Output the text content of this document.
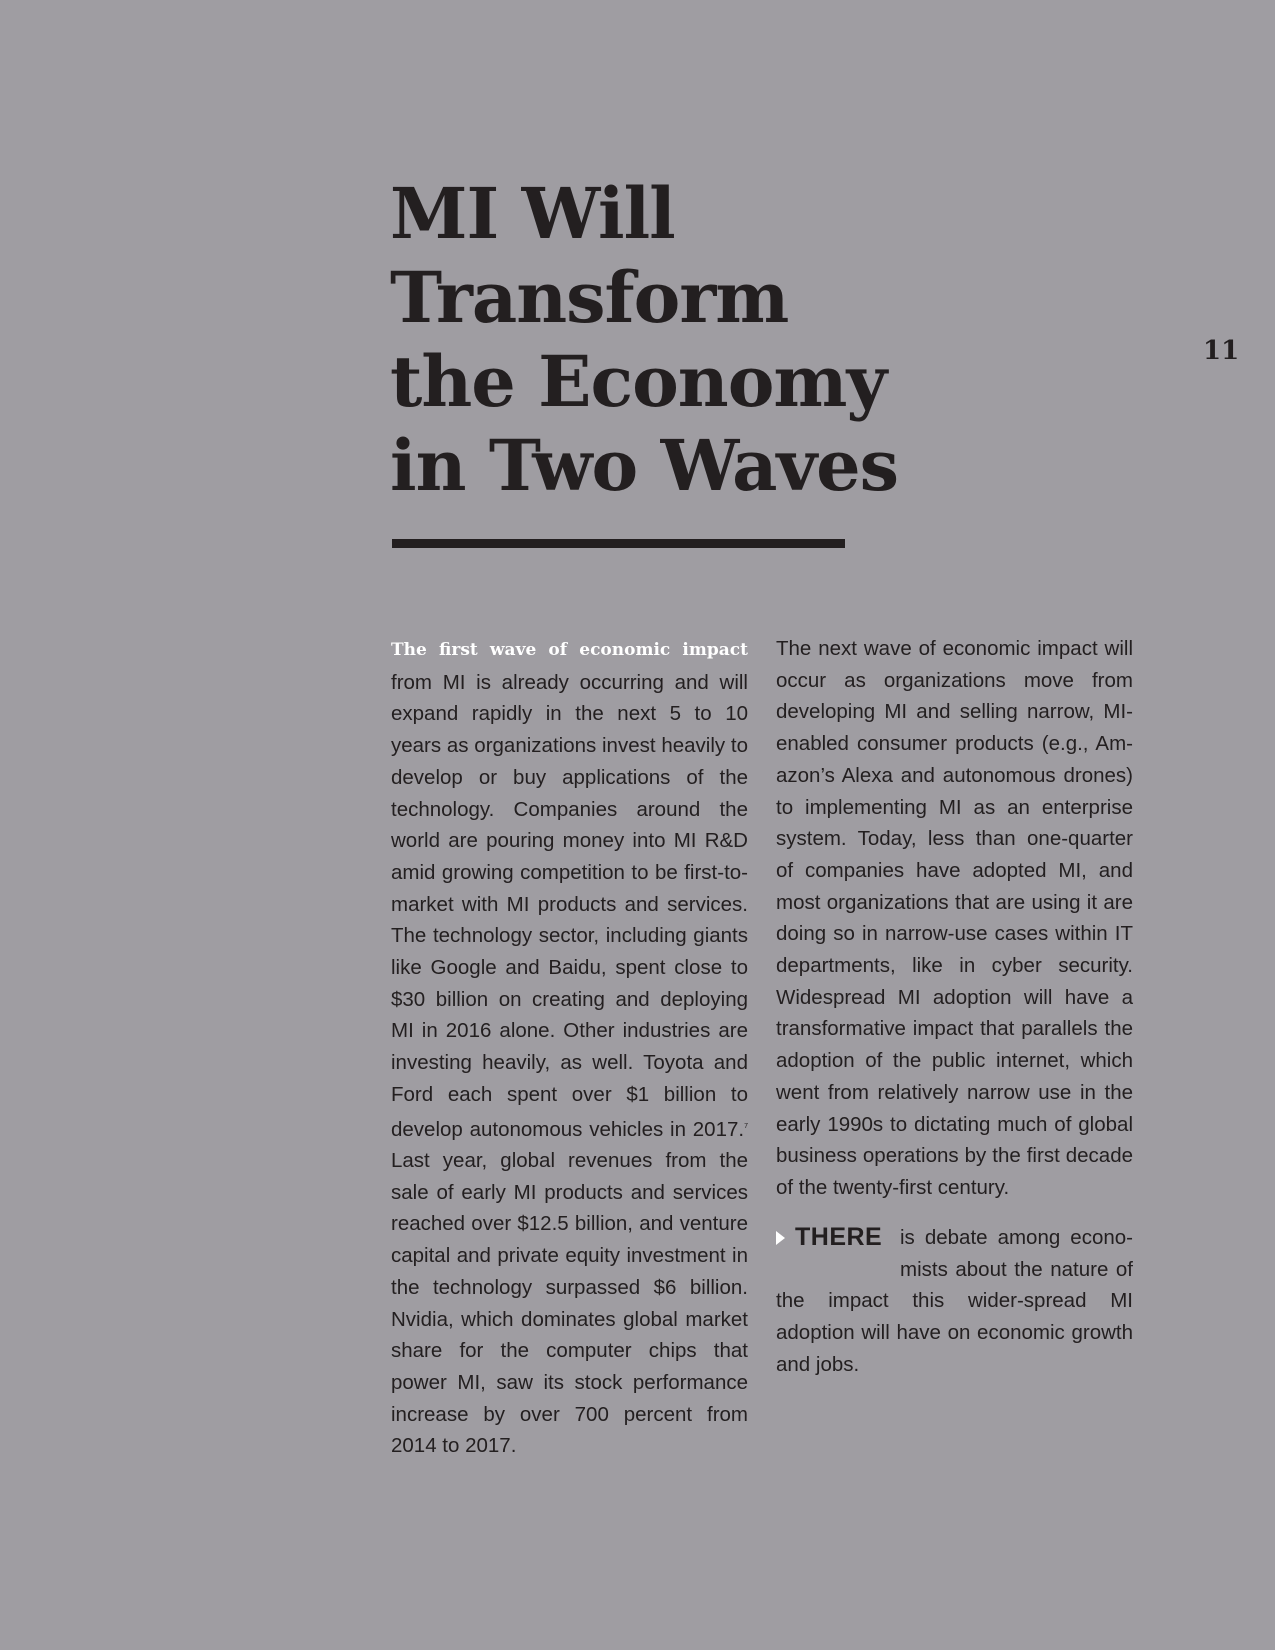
11
MI Will
Transform
the Economy
in Two Waves

The first wave of economic impact from MI is already occurring and will expand rapidly in the next 5 to 10 years as organizations invest heavily to develop or buy applications of the technology. Companies around the world are pouring money into MI R&D amid growing competition to be first-to-market with MI products and services. The technology sector, including giants like Google and Baidu, spent close to $30 billion on creating and deploying MI in 2016 alone. Other industries are investing heavily, as well. Toyota and Ford each spent over $1 billion to develop autonomous vehicles in 2017.$^7$ Last year, global revenues from the sale of early MI products and services reached over $12.5 billion, and venture capital and private equity investment in the technology surpassed $6 billion. Nvidia, which dominates global market share for the computer chips that power MI, saw its stock performance increase by over 700 percent from 2014 to 2017.

The next wave of economic impact will occur as organizations move from developing MI and selling narrow, MI-enabled consumer products (e.g., Amazon’s Alexa and autonomous drones) to implementing MI as an enterprise system. Today, less than one-quarter of companies have adopted MI, and most organizations that are using it are doing so in narrow-use cases within IT departments, like in cyber security. Widespread MI adoption will have a transformative impact that parallels the adoption of the public internet, which went from relatively narrow use in the early 1990s to dictating much of global business operations by the first decade of the twenty-first century.

THERE is debate among economists about the nature of the impact this wider-spread MI adoption will have on economic growth and jobs.
